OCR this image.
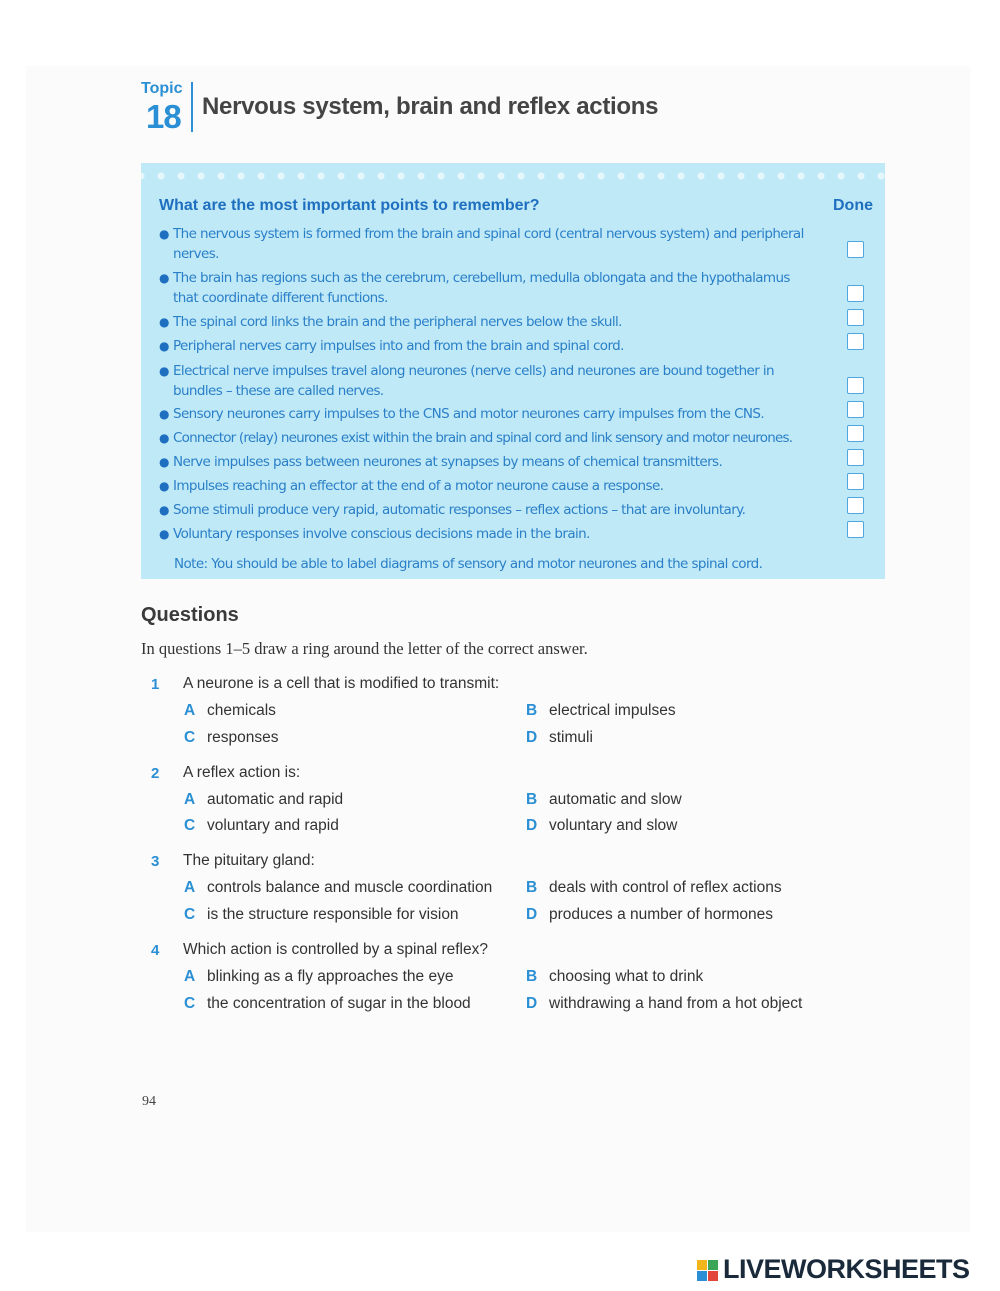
Topic
18 Nervous system, brain and reflex actions
What are the most important points to remember?	Done
● The nervous system is formed from the brain and spinal cord (central nervous system) and peripheral nerves.
● The brain has regions such as the cerebrum, cerebellum, medulla oblongata and the hypothalamus that coordinate different functions.
● The spinal cord links the brain and the peripheral nerves below the skull.
● Peripheral nerves carry impulses into and from the brain and spinal cord.
● Electrical nerve impulses travel along neurones (nerve cells) and neurones are bound together in bundles – these are called nerves.
● Sensory neurones carry impulses to the CNS and motor neurones carry impulses from the CNS.
● Connector (relay) neurones exist within the brain and spinal cord and link sensory and motor neurones.
● Nerve impulses pass between neurones at synapses by means of chemical transmitters.
● Impulses reaching an effector at the end of a motor neurone cause a response.
● Some stimuli produce very rapid, automatic responses – reflex actions – that are involuntary.
● Voluntary responses involve conscious decisions made in the brain.
Note: You should be able to label diagrams of sensory and motor neurones and the spinal cord.
Questions
In questions 1–5 draw a ring around the letter of the correct answer.
1 A neurone is a cell that is modified to transmit:
A chemicals	B electrical impulses
C responses	D stimuli
2 A reflex action is:
A automatic and rapid	B automatic and slow
C voluntary and rapid	D voluntary and slow
3 The pituitary gland:
A controls balance and muscle coordination B deals with control of reflex actions
C is the structure responsible for vision	D produces a number of hormones
4 Which action is controlled by a spinal reflex?
A blinking as a fly approaches the eye	B choosing what to drink
C the concentration of sugar in the blood	D withdrawing a hand from a hot object
94
LIVEWORKSHEETS
